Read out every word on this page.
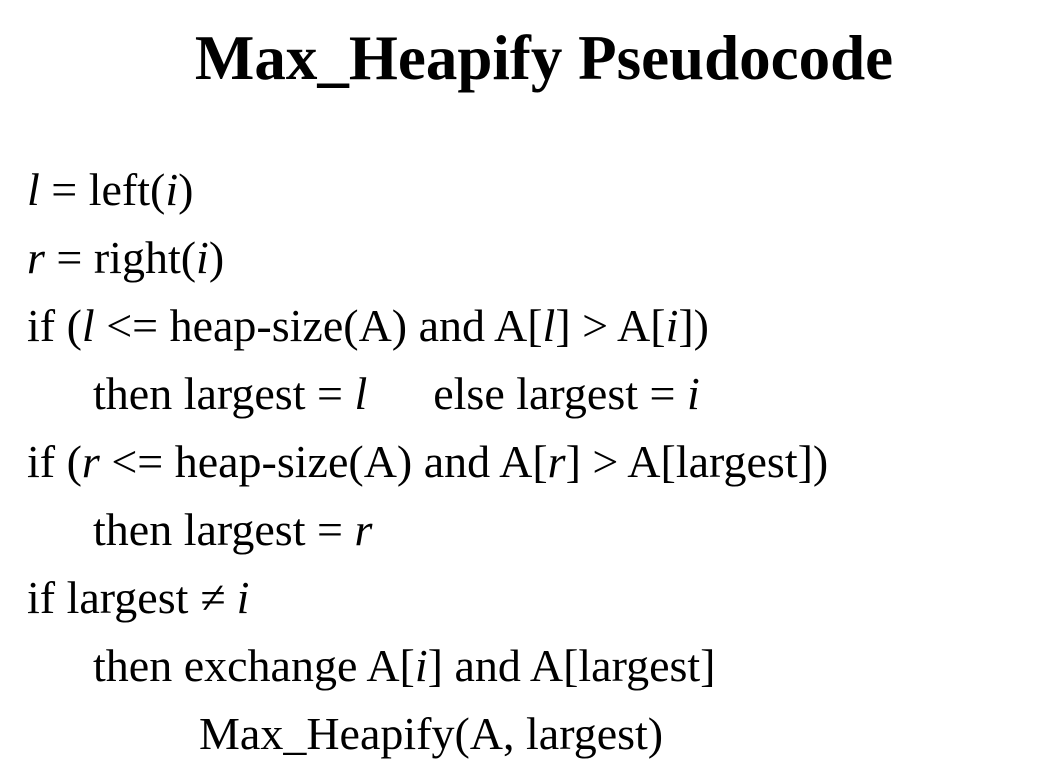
Max_Heapify Pseudocode
l = left(i)
r = right(i)
if (l <= heap-size(A) and A[l] > A[i])
then largest = l else largest = i
if (r <= heap-size(A) and A[r] > A[largest])
then largest = r
if largest ≠ i
then exchange A[i] and A[largest]
Max_Heapify(A, largest)
